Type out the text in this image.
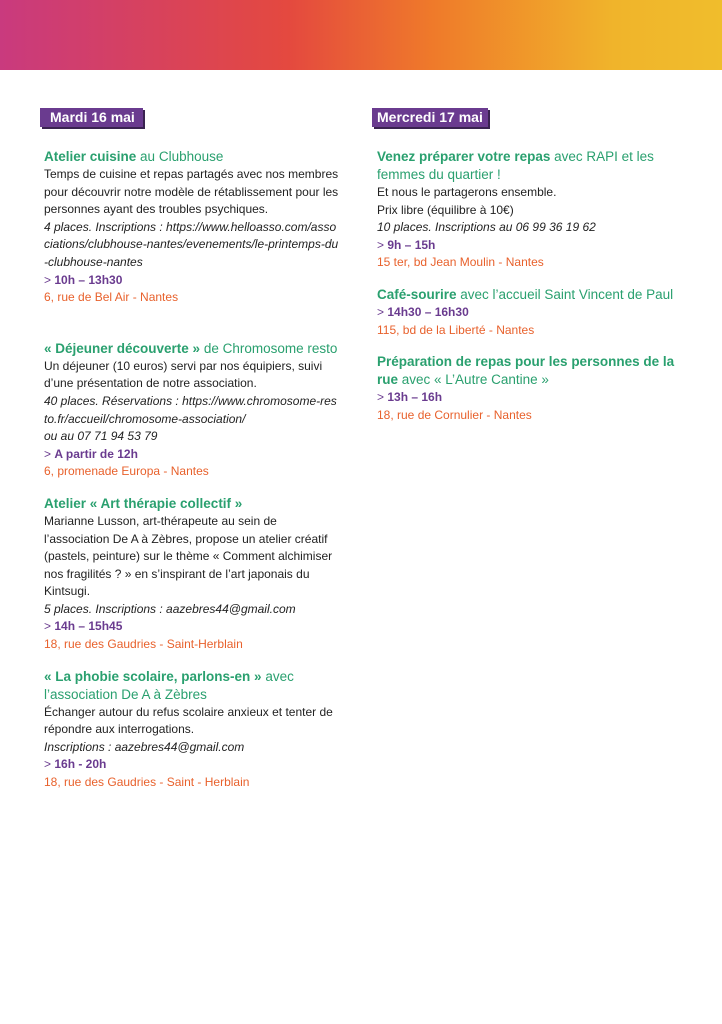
Mardi 16 mai
Atelier cuisine au Clubhouse
Temps de cuisine et repas partagés avec nos membres pour découvrir notre modèle de rétablissement pour les personnes ayant des troubles psychiques.
4 places. Inscriptions : https://www.helloasso.com/associations/clubhouse-nantes/evenements/le-printemps-du-clubhouse-nantes
> 10h – 13h30
6, rue de Bel Air - Nantes
« Déjeuner découverte » de Chromosome resto
Un déjeuner (10 euros) servi par nos équipiers, suivi d’une présentation de notre association.
40 places. Réservations : https://www.chromosome-resto.fr/accueil/chromosome-association/
ou au 07 71 94 53 79
> A partir de 12h
6, promenade Europa - Nantes
Atelier « Art thérapie collectif »
Marianne Lusson, art-thérapeute au sein de l’association De A à Zèbres, propose un atelier créatif (pastels, peinture) sur le thème « Comment alchimiser nos fragilités ? » en s’inspirant de l’art japonais du Kintsugi.
5 places. Inscriptions : aazebres44@gmail.com
> 14h – 15h45
18, rue des Gaudries - Saint-Herblain
« La phobie scolaire, parlons-en » avec l’association De A à Zèbres
Échanger autour du refus scolaire anxieux et tenter de répondre aux interrogations.
Inscriptions : aazebres44@gmail.com
> 16h - 20h
18, rue des Gaudries - Saint - Herblain
Mercredi 17 mai
Venez préparer votre repas avec RAPI et les femmes du quartier !
Et nous le partagerons ensemble.
Prix libre (équilibre à 10€)
10 places. Inscriptions au 06 99 36 19 62
> 9h – 15h
15 ter, bd Jean Moulin - Nantes
Café-sourire avec l’accueil Saint Vincent de Paul
> 14h30 – 16h30
115, bd de la Liberté - Nantes
Préparation de repas pour les personnes de la rue avec « L’Autre Cantine »
> 13h – 16h
18, rue de Cornulier - Nantes
